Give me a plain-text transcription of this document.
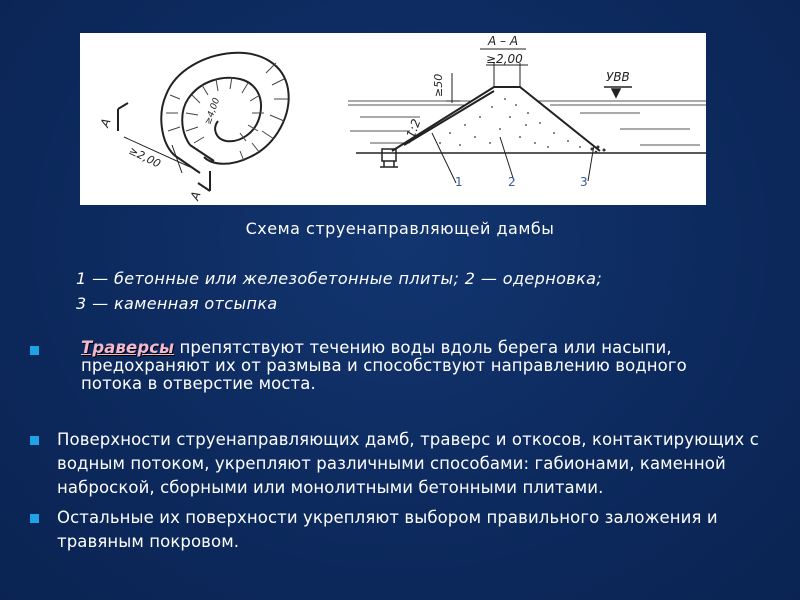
А
А
≥2,00
≥4,00
А – А
≥2,00
≥50
1:2
УВВ
1	2	3
Схема струенаправляющей дамбы
1 — бетонные или железобетонные плиты; 2 — одерновка;
3 — каменная отсыпка
Траверсы препятствуют течению воды вдоль берега или насыпи, предохраняют их от размыва и способствуют направлению водного потока в отверстие моста.
Поверхности струенаправляющих дамб, траверс и откосов, контактирующих с водным потоком, укрепляют различными способами: габионами, каменной наброской, сборными или монолитными бетонными плитами.
Остальные их поверхности укрепляют выбором правильного заложения и травяным покровом.
